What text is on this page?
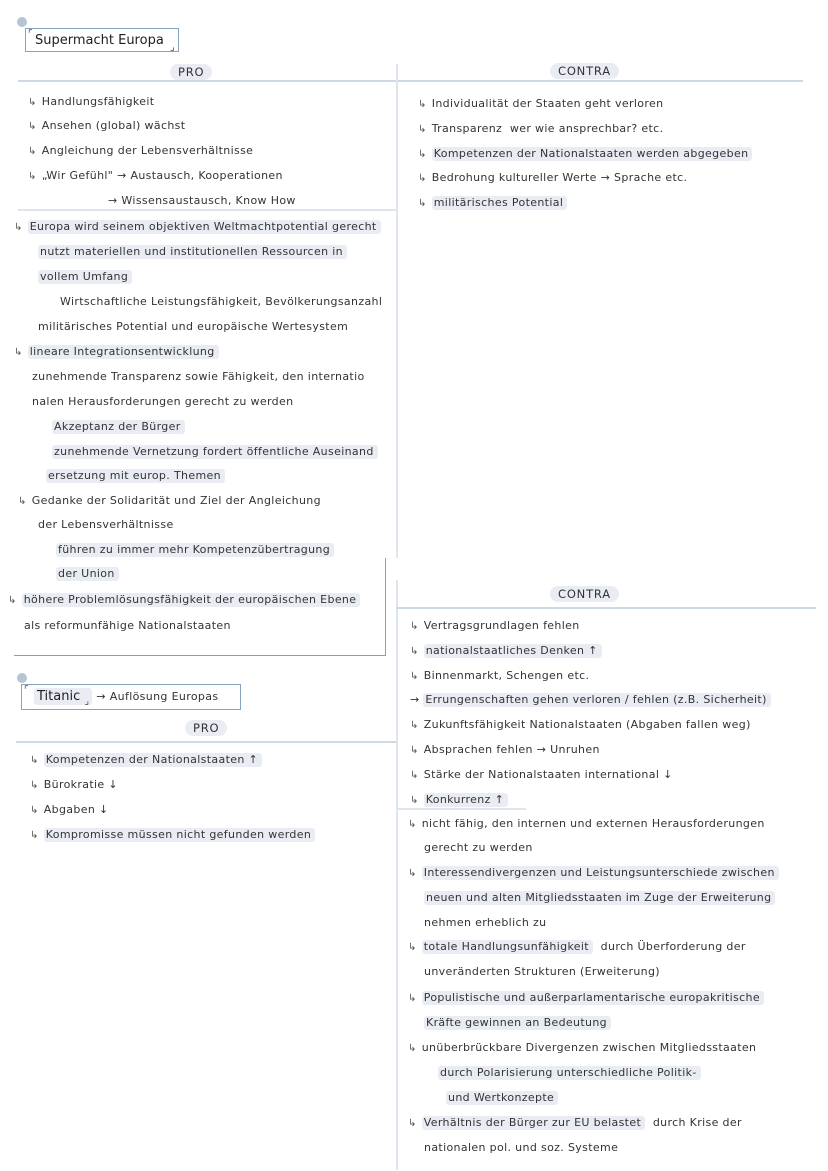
⌜ Supermacht Europa ⌟
PRO	CONTRA
↳ Handlungsfähigkeit
↳ Ansehen (global) wächst
↳ Angleichung der Lebensverhältnisse
↳ „Wir Gefühl" → Austausch, Kooperationen
→ Wissensaustausch, Know How
↳ Individualität der Staaten geht verloren
↳ Transparenz wer wie ansprechbar? etc.
↳ Kompetenzen der Nationalstaaten werden abgegeben
↳ Bedrohung kultureller Werte → Sprache etc.
↳ militärisches Potential
↳ Europa wird seinem objektiven Weltmachtpotential gerecht
nutzt materiellen und institutionellen Ressourcen in
vollem Umfang
Wirtschaftliche Leistungsfähigkeit, Bevölkerungsanzahl
militärisches Potential und europäische Wertesystem
↳ lineare Integrationsentwicklung
zunehmende Transparenz sowie Fähigkeit, den internatio
nalen Herausforderungen gerecht zu werden
Akzeptanz der Bürger
zunehmende Vernetzung fordert öffentliche Auseinand
ersetzung mit europ. Themen
↳ Gedanke der Solidarität und Ziel der Angleichung
der Lebensverhältnisse
führen zu immer mehr Kompetenzübertragung
der Union
↳ höhere Problemlösungsfähigkeit der europäischen Ebene
als reformunfähige Nationalstaaten
⌜ Titanic ⌟ → Auflösung Europas
PRO
↳ Kompetenzen der Nationalstaaten ↑
↳ Bürokratie ↓
↳ Abgaben ↓
↳ Kompromisse müssen nicht gefunden werden
CONTRA
↳ Vertragsgrundlagen fehlen
↳ nationalstaatliches Denken ↑
↳ Binnenmarkt, Schengen etc.
→ Errungenschaften gehen verloren / fehlen (z.B. Sicherheit)
↳ Zukunftsfähigkeit Nationalstaaten (Abgaben fallen weg)
↳ Absprachen fehlen → Unruhen
↳ Stärke der Nationalstaaten international ↓
↳ Konkurrenz ↑
↳ nicht fähig, den internen und externen Herausforderungen
gerecht zu werden
↳ Interessendivergenzen und Leistungsunterschiede zwischen
neuen und alten Mitgliedsstaaten im Zuge der Erweiterung
nehmen erheblich zu
↳ totale Handlungsunfähigkeit durch Überforderung der
unveränderten Strukturen (Erweiterung)
↳ Populistische und außerparlamentarische europakritische
Kräfte gewinnen an Bedeutung
↳ unüberbrückbare Divergenzen zwischen Mitgliedsstaaten
durch Polarisierung unterschiedliche Politik-
und Wertkonzepte
↳ Verhältnis der Bürger zur EU belastet durch Krise der
nationalen pol. und soz. Systeme
